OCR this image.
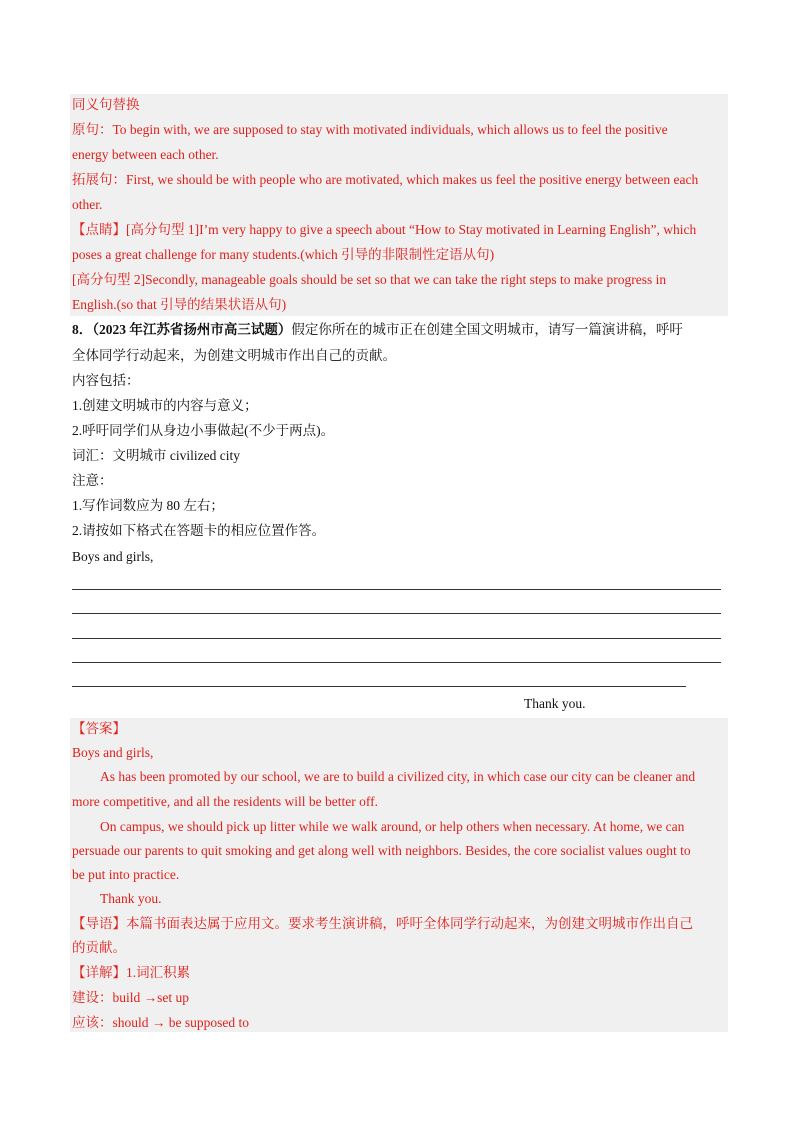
同义句替换
原句：To begin with, we are supposed to stay with motivated individuals, which allows us to feel the positive
energy between each other.
拓展句：First, we should be with people who are motivated, which makes us feel the positive energy between each
other.
【点睛】[高分句型 1]I’m very happy to give a speech about “How to Stay motivated in Learning English”, which
poses a great challenge for many students.(which 引导的非限制性定语从句)
[高分句型 2]Secondly, manageable goals should be set so that we can take the right steps to make progress in
English.(so that 引导的结果状语从句)
8．（2023 年江苏省扬州市高三试题）假定你所在的城市正在创建全国文明城市，请写一篇演讲稿，呼吁
全体同学行动起来，为创建文明城市作出自己的贡献。
内容包括：
1.创建文明城市的内容与意义；
2.呼吁同学们从身边小事做起(不少于两点)。
词汇：文明城市 civilized city
注意：
1.写作词数应为 80 左右；
2.请按如下格式在答题卡的相应位置作答。
Boys and girls,
Thank you.
【答案】
Boys and girls,
As has been promoted by our school, we are to build a civilized city, in which case our city can be cleaner and
more competitive, and all the residents will be better off.
On campus, we should pick up litter while we walk around, or help others when necessary. At home, we can
persuade our parents to quit smoking and get along well with neighbors. Besides, the core socialist values ought to
be put into practice.
Thank you.
【导语】本篇书面表达属于应用文。要求考生演讲稿，呼吁全体同学行动起来，为创建文明城市作出自己
的贡献。
【详解】1.词汇积累
建设：build →set up
应该：should → be supposed to
